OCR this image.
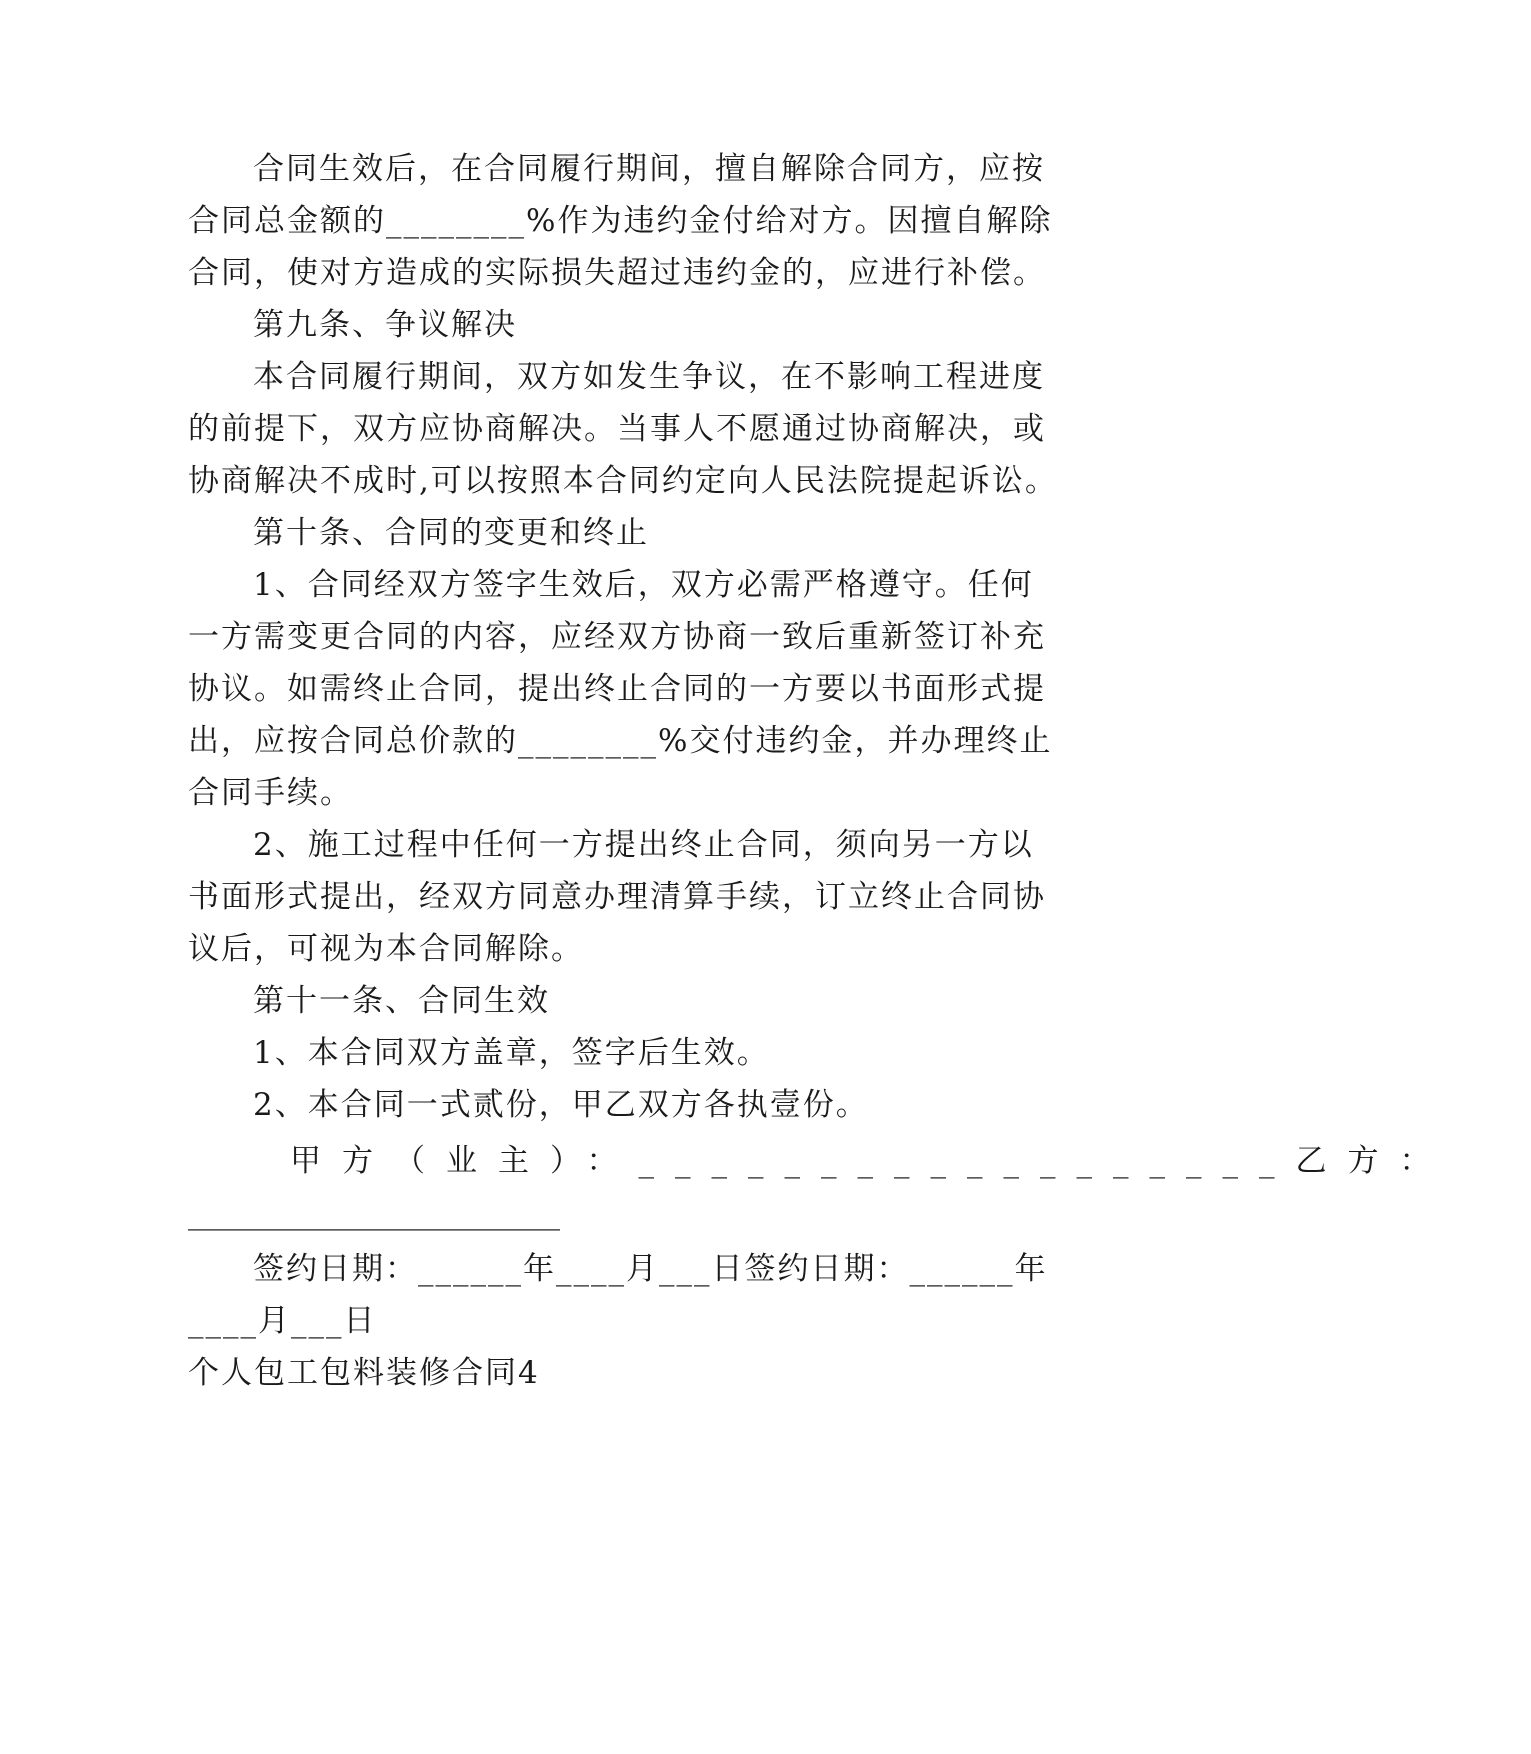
合同生效后，在合同履行期间，擅自解除合同方，应按
合同总金额的________%作为违约金付给对方。因擅自解除
合同，使对方造成的实际损失超过违约金的，应进行补偿。
第九条、争议解决
本合同履行期间，双方如发生争议，在不影响工程进度
的前提下，双方应协商解决。当事人不愿通过协商解决，或
协商解决不成时,可以按照本合同约定向人民法院提起诉讼。
第十条、合同的变更和终止
1、合同经双方签字生效后，双方必需严格遵守。任何
一方需变更合同的内容，应经双方协商一致后重新签订补充
协议。如需终止合同，提出终止合同的一方要以书面形式提
出，应按合同总价款的________%交付违约金，并办理终止
合同手续。
2、施工过程中任何一方提出终止合同，须向另一方以
书面形式提出，经双方同意办理清算手续，订立终止合同协
议后，可视为本合同解除。
第十一条、合同生效
1、本合同双方盖章，签字后生效。
2、本合同一式贰份，甲乙双方各执壹份。
甲方（业主）：__________________乙方：
________________________
签约日期：______年____月___日签约日期：______年
____月___日
个人包工包料装修合同4
